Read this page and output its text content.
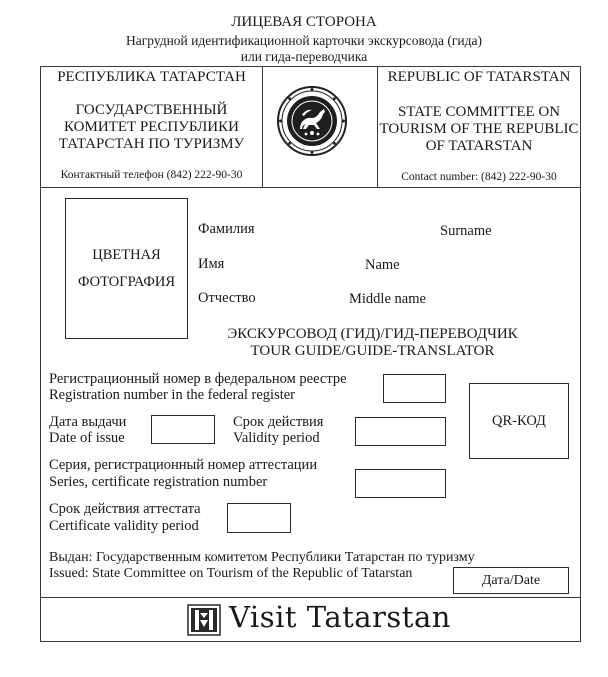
ЛИЦЕВАЯ СТОРОНА
Нагрудной идентификационной карточки экскурсовода (гида)
или гида-переводчика
РЕСПУБЛИКА ТАТАРСТАН
ГОСУДАРСТВЕННЫЙ
КОМИТЕТ РЕСПУБЛИКИ
ТАТАРСТАН ПО ТУРИЗМУ
Контактный телефон (842) 222-90-30
REPUBLIC OF TATARSTAN
STATE COMMITTEE ON
TOURISM OF THE REPUBLIC
OF TATARSTAN
Contact number: (842) 222-90-30
ЦВЕТНАЯ
ФОТОГРАФИЯ
Фамилия	Surname
Имя	Name
Отчество	Middle name
ЭКСКУРСОВОД (ГИД)/ГИД-ПЕРЕВОДЧИК
TOUR GUIDE/GUIDE-TRANSLATOR
Регистрационный номер в федеральном реестре
Registration number in the federal register
QR-КОД
Дата выдачи
Date of issue
Срок действия
Validity period
Серия, регистрационный номер аттестации
Series, certificate registration number
Срок действия аттестата
Certificate validity period
Выдан: Государственным комитетом Республики Татарстан по туризму
Issued: State Committee on Tourism of the Republic of Tatarstan	Дата/Date
Visit Tatarstan
